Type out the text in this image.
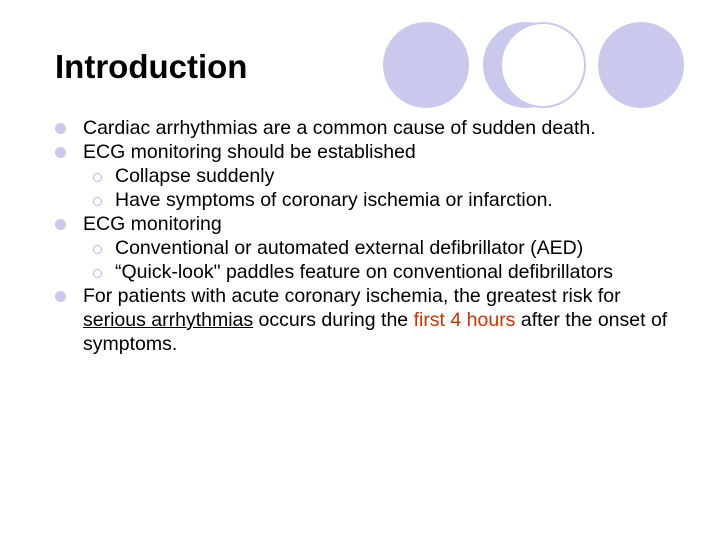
Introduction
Cardiac arrhythmias are a common cause of sudden death.
ECG monitoring should be established
Collapse suddenly
Have symptoms of coronary ischemia or infarction.
ECG monitoring
Conventional or automated external defibrillator (AED)
“Quick-look" paddles feature on conventional defibrillators
For patients with acute coronary ischemia, the greatest risk for serious arrhythmias occurs during the first 4 hours after the onset of symptoms.
